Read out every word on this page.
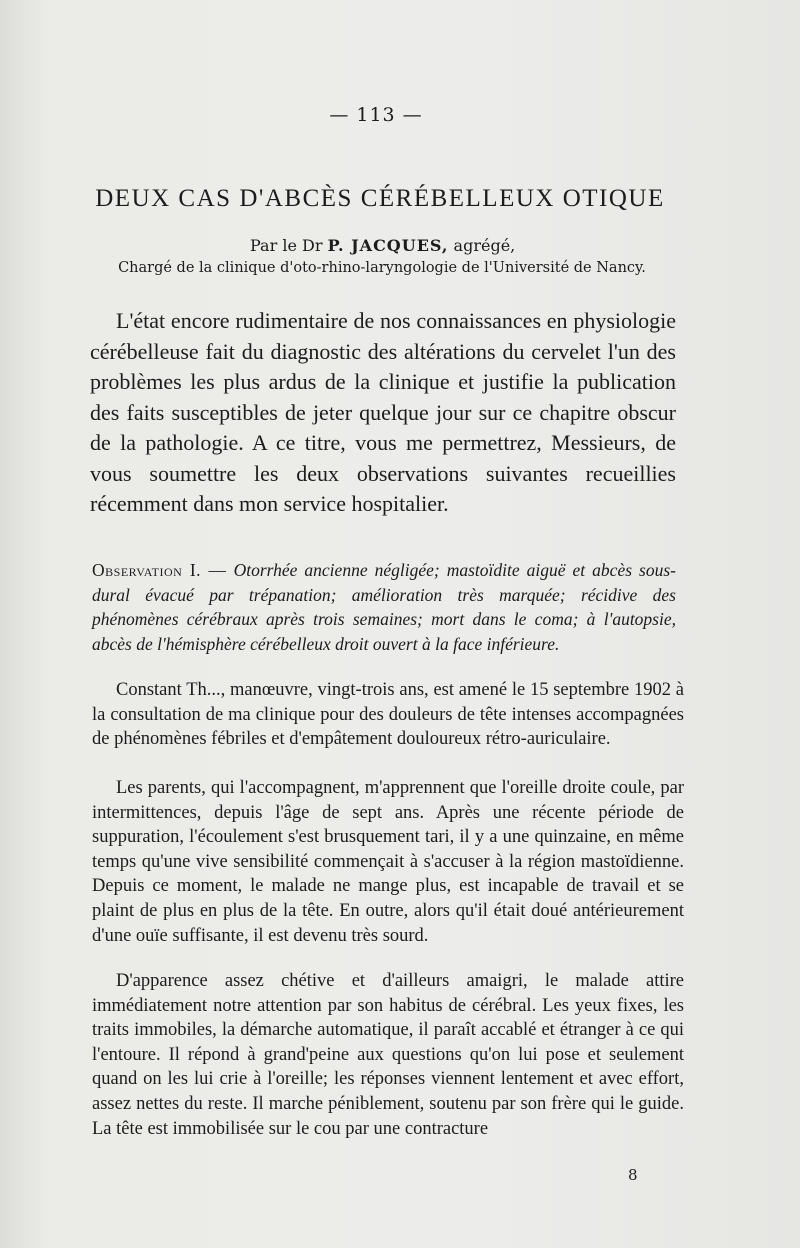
— 113 —
DEUX CAS D'ABCÈS CÉRÉBELLEUX OTIQUE
Par le Dr P. JACQUES, agrégé,
Chargé de la clinique d'oto-rhino-laryngologie de l'Université de Nancy.
L'état encore rudimentaire de nos connaissances en physiologie cérébelleuse fait du diagnostic des altérations du cervelet l'un des problèmes les plus ardus de la clinique et justifie la publication des faits susceptibles de jeter quelque jour sur ce chapitre obscur de la pathologie. A ce titre, vous me permettrez, Messieurs, de vous soumettre les deux observations suivantes recueillies récemment dans mon service hospitalier.
Observation I. — Otorrhée ancienne négligée; mastoïdite aiguë et abcès sous-dural évacué par trépanation; amélioration très marquée; récidive des phénomènes cérébraux après trois semaines; mort dans le coma; à l'autopsie, abcès de l'hémisphère cérébelleux droit ouvert à la face inférieure.
Constant Th..., manœuvre, vingt-trois ans, est amené le 15 septembre 1902 à la consultation de ma clinique pour des douleurs de tête intenses accompagnées de phénomènes fébriles et d'empâtement douloureux rétro-auriculaire.
Les parents, qui l'accompagnent, m'apprennent que l'oreille droite coule, par intermittences, depuis l'âge de sept ans. Après une récente période de suppuration, l'écoulement s'est brusquement tari, il y a une quinzaine, en même temps qu'une vive sensibilité commençait à s'accuser à la région mastoïdienne. Depuis ce moment, le malade ne mange plus, est incapable de travail et se plaint de plus en plus de la tête. En outre, alors qu'il était doué antérieurement d'une ouïe suffisante, il est devenu très sourd.
D'apparence assez chétive et d'ailleurs amaigri, le malade attire immédiatement notre attention par son habitus de cérébral. Les yeux fixes, les traits immobiles, la démarche automatique, il paraît accablé et étranger à ce qui l'entoure. Il répond à grand'peine aux questions qu'on lui pose et seulement quand on les lui crie à l'oreille; les réponses viennent lentement et avec effort, assez nettes du reste. Il marche péniblement, soutenu par son frère qui le guide. La tête est immobilisée sur le cou par une contracture
8
